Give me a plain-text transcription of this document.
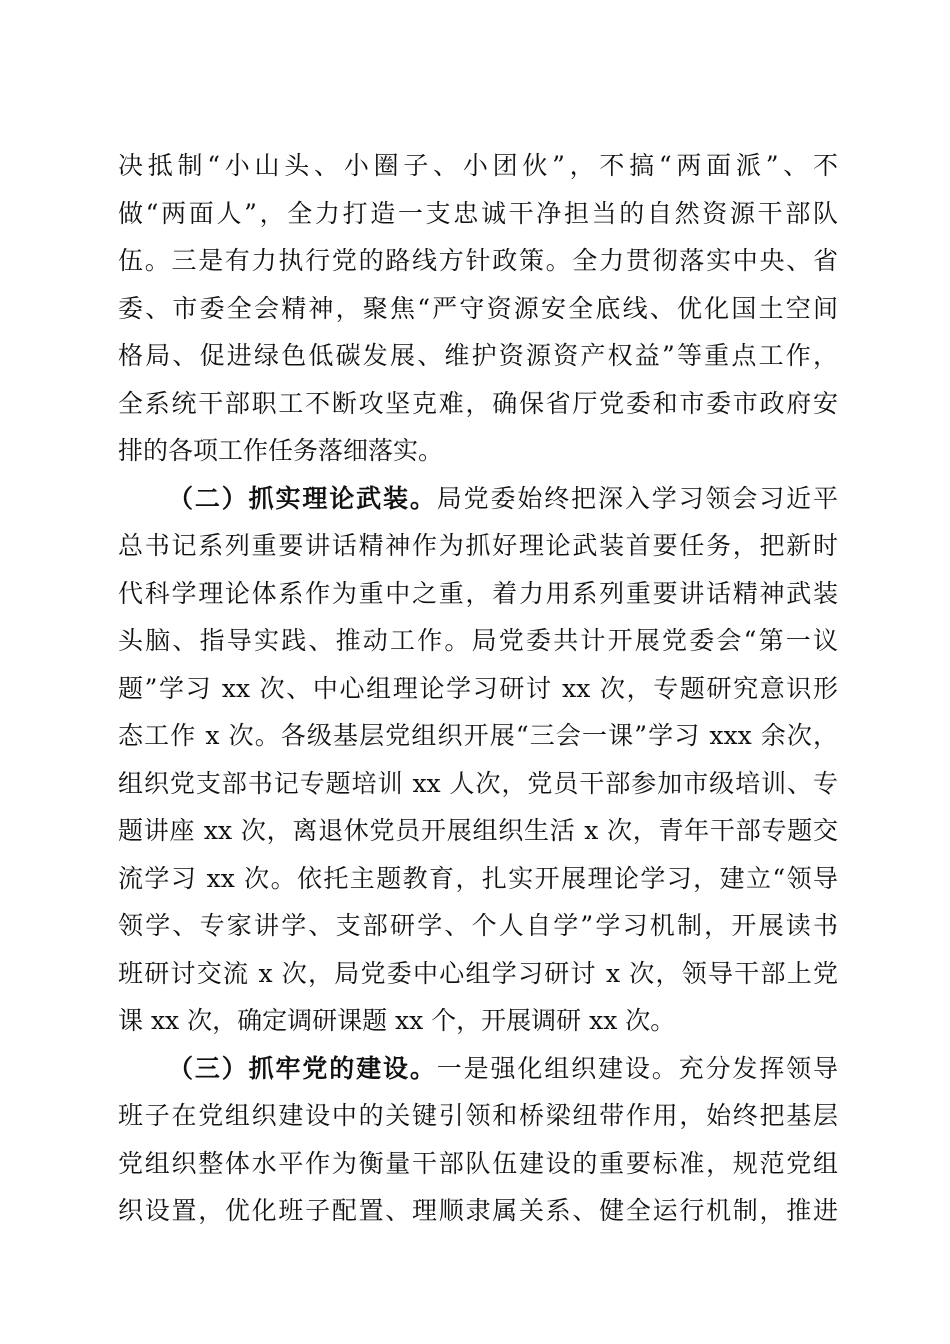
决抵制“小山头、小圈子、小团伙”，不搞“两面派”、不
做“两面人”，全力打造一支忠诚干净担当的自然资源干部队
伍。三是有力执行党的路线方针政策。全力贯彻落实中央、省
委、市委全会精神，聚焦“严守资源安全底线、优化国土空间
格局、促进绿色低碳发展、维护资源资产权益”等重点工作，
全系统干部职工不断攻坚克难，确保省厅党委和市委市政府安
排的各项工作任务落细落实。
（二）抓实理论武装。局党委始终把深入学习领会习近平
总书记系列重要讲话精神作为抓好理论武装首要任务，把新时
代科学理论体系作为重中之重，着力用系列重要讲话精神武装
头脑、指导实践、推动工作。局党委共计开展党委会“第一议
题”学习 xx 次、中心组理论学习研讨 xx 次，专题研究意识形
态工作 x 次。各级基层党组织开展“三会一课”学习 xxx 余次，
组织党支部书记专题培训 xx 人次，党员干部参加市级培训、专
题讲座 xx 次，离退休党员开展组织生活 x 次，青年干部专题交
流学习 xx 次。依托主题教育，扎实开展理论学习，建立“领导
领学、专家讲学、支部研学、个人自学”学习机制，开展读书
班研讨交流 x 次，局党委中心组学习研讨 x 次，领导干部上党
课 xx 次，确定调研课题 xx 个，开展调研 xx 次。
（三）抓牢党的建设。一是强化组织建设。充分发挥领导
班子在党组织建设中的关键引领和桥梁纽带作用，始终把基层
党组织整体水平作为衡量干部队伍建设的重要标准，规范党组
织设置，优化班子配置、理顺隶属关系、健全运行机制，推进
